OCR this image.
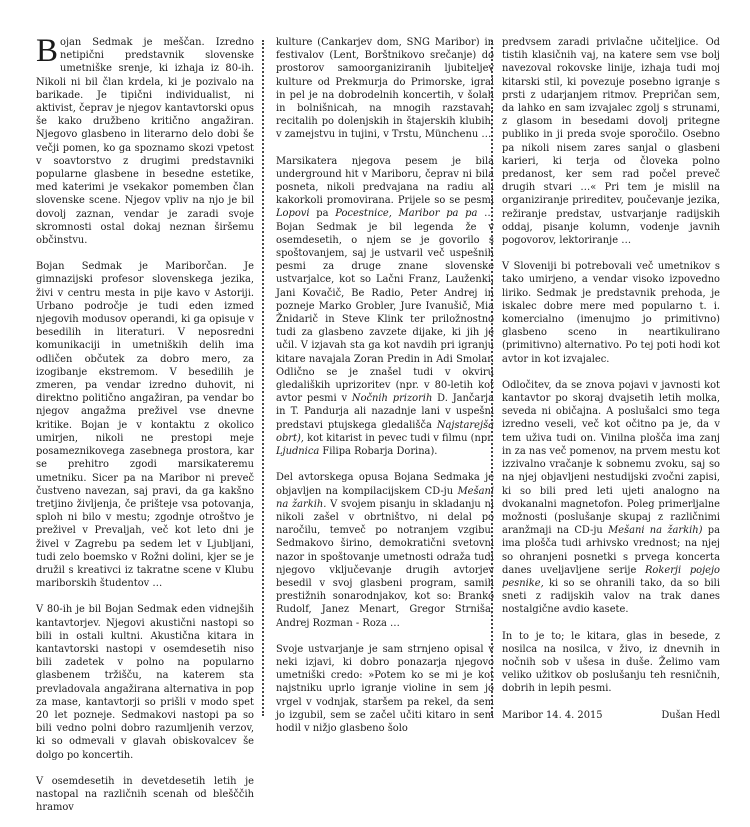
Bojan Sedmak je meščan. Izredno netipični predstavnik slovenske umetniške srenje, ki izhaja iz 80-ih. Nikoli ni bil član krdela, ki je pozivalo na barikade. Je tipični individualist, ni aktivist, čeprav je njegov kantavtorski opus še kako družbeno kritično angažiran. Njegovo glasbeno in literarno delo dobi še večji pomen, ko ga spoznamo skozi vpetost v soavtorstvo z drugimi predstavniki popularne glasbene in besedne estetike, med katerimi je vsekakor pomemben član slovenske scene. Njegov vpliv na njo je bil dovolj zaznan, vendar je zaradi svoje skromnosti ostal dokaj neznan širšemu občinstvu.

Bojan Sedmak je Mariborčan. Je gimnazijski profesor slovenskega jezika, živi v centru mesta in pije kavo v Astoriji. Urbano področje je tudi eden izmed njegovih modusov operandi, ki ga opisuje v besedilih in literaturi. V neposredni komunikaciji in umetniških delih ima odličen občutek za dobro mero, za izogibanje ekstremom. V besedilih je zmeren, pa vendar izredno duhovit, ni direktno politično angažiran, pa vendar bo njegov angažma preživel vse dnevne kritike. Bojan je v kontaktu z okolico umirjen, nikoli ne prestopi meje posameznikovega zasebnega prostora, kar se prehitro zgodi marsikateremu umetniku. Sicer pa na Maribor ni preveč čustveno navezan, saj pravi, da ga kakšno tretjino življenja, če prišteje vsa potovanja, sploh ni bilo v mestu; zgodnje otroštvo je preživel v Prevaljah, več kot leto dni je živel v Zagrebu pa sedem let v Ljubljani, tudi zelo boemsko v Rožni dolini, kjer se je družil s kreativci iz takratne scene v Klubu mariborskih študentov …

V 80-ih je bil Bojan Sedmak eden vidnejših kantavtorjev. Njegovi akustični nastopi so bili in ostali kultni. Akustična kitara in kantavtorski nastopi v osemdesetih niso bili zadetek v polno na popularno glasbenem tržišču, na katerem sta prevladovala angažirana alternativa in pop za mase, kantavtorji so prišli v modo spet 20 let pozneje. Sedmakovi nastopi pa so bili vedno polni dobro razumljenih verzov, ki so odmevali v glavah obiskovalcev še dolgo po koncertih.

V osemdesetih in devetdesetih letih je nastopal na različnih scenah od blešččih hramov

kulture (Cankarjev dom, SNG Maribor) in festivalov (Lent, Borštnikovo srečanje) do prostorov samoorganiziranih ljubiteljev kulture od Prekmurja do Primorske, igral in pel je na dobrodelnih koncertih, v šolah in bolnišnicah, na mnogih razstavah, recitalih po dolenjskih in štajerskih klubih, v zamejstvu in tujini, v Trstu, Münchenu …

Marsikatera njegova pesem je bila underground hit v Mariboru, čeprav ni bila posneta, nikoli predvajana na radiu ali kakorkoli promovirana. Prijele so se pesmi Lopovi pa Pocestnice, Maribor pa pa … Bojan Sedmak je bil legenda že v osemdesetih, o njem se je govorilo s spoštovanjem, saj je ustvaril več uspešnih pesmi za druge znane slovenske ustvarjalce, kot so Lačni Franz, Lauženki, Jani Kovačič, Be Radio, Peter Andrej in pozneje Marko Grobler, Jure Ivanušič, Mia Žnidarič in Steve Klink ter priložnostno tudi za glasbeno zavzete dijake, ki jih je učil. V izjavah sta ga kot navdih pri igranju kitare navajala Zoran Predin in Adi Smolar. Odlično se je znašel tudi v okviru gledaliških uprizoritev (npr. v 80-letih kot avtor pesmi v Nočnih prizorih D. Jančarja in T. Pandurja ali nazadnje lani v uspešni predstavi ptujskega gledališča Najstarejša obrt), kot kitarist in pevec tudi v filmu (npr. Ljudnica Filipa Robarja Dorina).

Del avtorskega opusa Bojana Sedmaka je objavljen na kompilacijskem CD-ju Mešani na žarkih. V svojem pisanju in skladanju ni nikoli zašel v obrtništvo, ni delal po naročilu, temveč po notranjem vzgibu. Sedmakovo širino, demokratični svetovni nazor in spoštovanje umetnosti odraža tudi njegovo vključevanje drugih avtorjev besedil v svoj glasbeni program, samih prestižnih sonarodnjakov, kot so: Branko Rudolf, Janez Menart, Gregor Strniša, Andrej Rozman - Roza …

Svoje ustvarjanje je sam strnjeno opisal v neki izjavi, ki dobro ponazarja njegovo umetniški credo: »Potem ko se mi je kot najstniku uprlo igranje violine in sem jo vrgel v vodnjak, staršem pa rekel, da sem jo izgubil, sem se začel učiti kitaro in sem hodil v nižjo glasbeno šolo

predvsem zaradi privlačne učiteljice. Od tistih klasičnih vaj, na katere sem vse bolj navezoval rokovske linije, izhaja tudi moj kitarski stil, ki povezuje posebno igranje s prsti z udarjanjem ritmov. Prepričan sem, da lahko en sam izvajalec zgolj s strunami, z glasom in besedami dovolj pritegne publiko in ji preda svoje sporočilo. Osebno pa nikoli nisem zares sanjal o glasbeni karieri, ki terja od človeka polno predanost, ker sem rad počel preveč drugih stvari …« Pri tem je mislil na organiziranje prireditev, poučevanje jezika, režiranje predstav, ustvarjanje radijskih oddaj, pisanje kolumn, vodenje javnih pogovorov, lektoriranje …

V Sloveniji bi potrebovali več umetnikov s tako umirjeno, a vendar visoko izpovedno liriko. Sedmak je predstavnik prehoda, je iskalec dobre mere med popularno t. i. komercialno (imenujmo jo primitivno) glasbeno sceno in neartikulirano (primitivno) alternativo. Po tej poti hodi kot avtor in kot izvajalec.

Odločitev, da se znova pojavi v javnosti kot kantavtor po skoraj dvajsetih letih molka, seveda ni običajna. A poslušalci smo tega izredno veseli, več kot očitno pa je, da v tem uživa tudi on. Vinilna plošča ima zanj in za nas več pomenov, na prvem mestu kot izzivalno vračanje k sobnemu zvoku, saj so na njej objavljeni nestudijski zvočni zapisi, ki so bili pred leti ujeti analogno na dvokanalni magnetofon. Poleg primerljalne možnosti (poslušanje skupaj z različnimi aranžmaji na CD-ju Mešani na žarkih) pa ima plošča tudi arhivsko vrednost; na njej so ohranjeni posnetki s prvega koncerta danes uveljavljene serije Rokerji pojejo pesnike, ki so se ohranili tako, da so bili sneti z radijskih valov na trak danes nostalgične avdio kasete.

In to je to; le kitara, glas in besede, z nosilca na nosilca, v živo, iz dnevnih in nočnih sob v ušesa in duše. Želimo vam veliko užitkov ob poslušanju teh resničnih, dobrih in lepih pesmi.

Maribor 14. 4. 2015	Dušan Hedl
